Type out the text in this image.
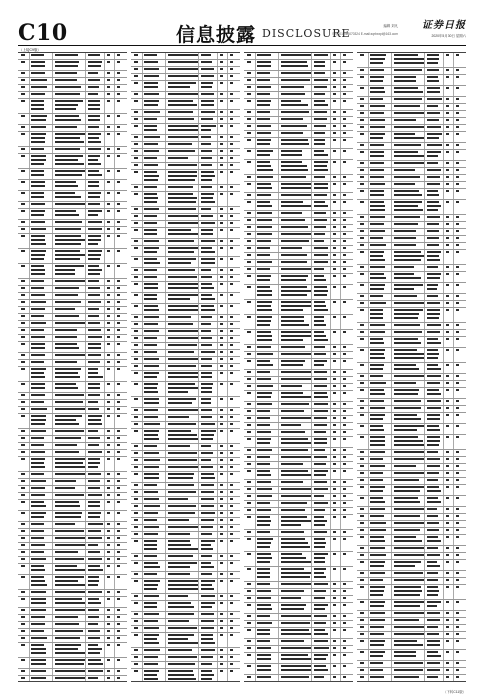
C10	信息披露 DISCLOSURE
编辑 刘凡
电话 010-63070324 E-mail:zqrbxxpl@163.com
证券日报
2020年5月30日 星期六
（上接C9版）
（下转C11版）
